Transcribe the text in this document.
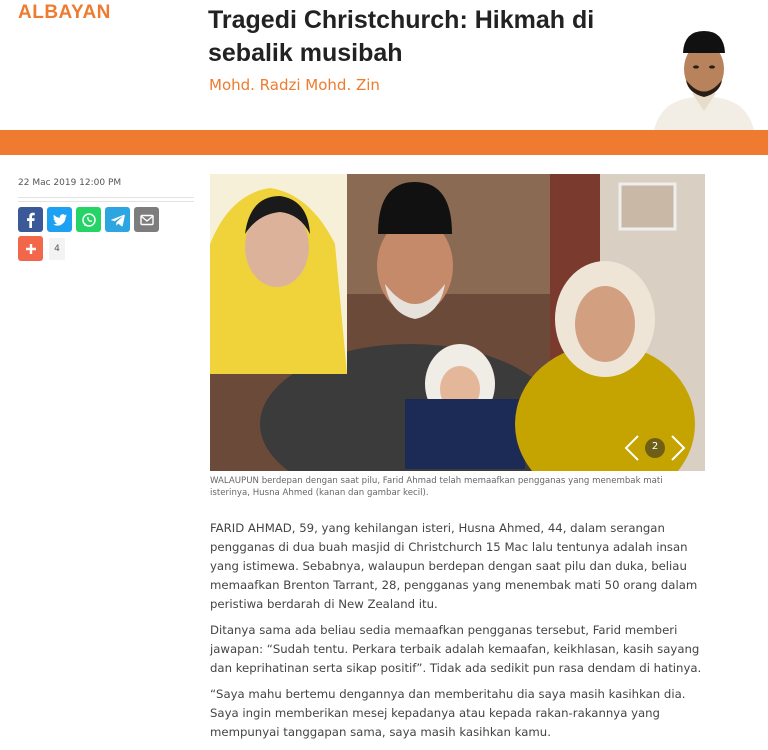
ALBAYAN	Tragedi Christchurch: Hikmah di sebalik musibah
Mohd. Radzi Mohd. Zin
22 Mac 2019 12:00 PM
4
2
WALAUPUN berdepan dengan saat pilu, Farid Ahmad telah memaafkan pengganas yang menembak mati isterinya, Husna Ahmed (kanan dan gambar kecil).

FARID AHMAD, 59, yang kehilangan isteri, Husna Ahmed, 44, dalam serangan pengganas di dua buah masjid di Christchurch 15 Mac lalu tentunya adalah insan yang istimewa. Sebabnya, walaupun berdepan dengan saat pilu dan duka, beliau memaafkan Brenton Tarrant, 28, pengganas yang menembak mati 50 orang dalam peristiwa berdarah di New Zealand itu.

Ditanya sama ada beliau sedia memaafkan pengganas tersebut, Farid memberi jawapan: “Sudah tentu. Perkara terbaik adalah kemaafan, keikhlasan, kasih sayang dan keprihatinan serta sikap positif”. Tidak ada sedikit pun rasa dendam di hatinya.

“Saya mahu bertemu dengannya dan memberitahu dia saya masih kasihkan dia. Saya ingin memberikan mesej kepadanya atau kepada rakan-rakannya yang mempunyai tanggapan sama, saya masih kasihkan kamu.
